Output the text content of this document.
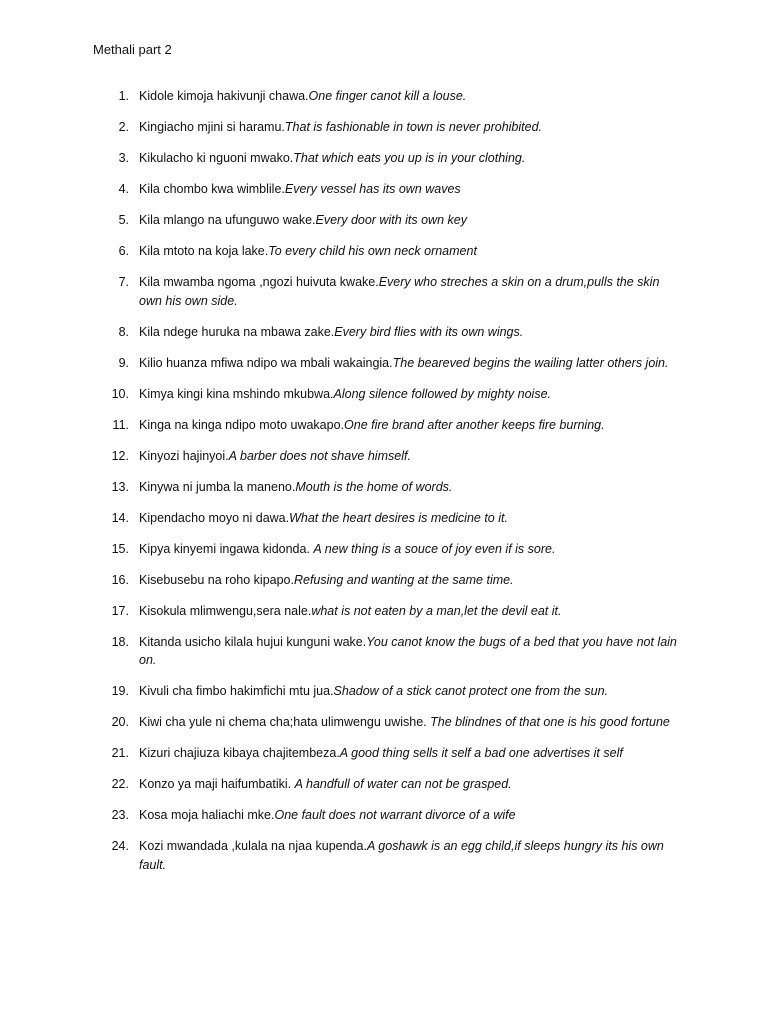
Methali part 2
1. Kidole kimoja hakivunji chawa.One finger canot kill a louse.
2. Kingiacho mjini si haramu.That is fashionable in town is never prohibited.
3. Kikulacho ki nguoni mwako.That which eats you up is in your clothing.
4. Kila chombo kwa wimblile.Every vessel has its own waves
5. Kila mlango na ufunguwo wake.Every door with its own key
6. Kila mtoto na koja lake.To every child his own neck ornament
7. Kila mwamba ngoma ,ngozi huivuta kwake.Every who streches a skin on a drum,pulls the skin own his own side.
8. Kila ndege huruka na mbawa zake.Every bird flies with its own wings.
9. Kilio huanza mfiwa ndipo wa mbali wakaingia.The beareved begins the wailing latter others join.
10. Kimya kingi kina mshindo mkubwa.Along silence followed by mighty noise.
11. Kinga na kinga ndipo moto uwakapo.One fire brand after another keeps fire burning.
12. Kinyozi hajinyoi.A barber does not shave himself.
13. Kinywa ni jumba la maneno.Mouth is the home of words.
14. Kipendacho moyo ni dawa.What the heart desires is medicine to it.
15. Kipya kinyemi ingawa kidonda. A new thing is a souce of joy even if is sore.
16. Kisebusebu na roho kipapo.Refusing and wanting at the same time.
17. Kisokula mlimwengu,sera nale.what is not eaten by a man,let the devil eat it.
18. Kitanda usicho kilala hujui kunguni wake.You canot know the bugs of a bed that you have not lain on.
19. Kivuli cha fimbo hakimfichi mtu jua.Shadow of a stick canot protect one from the sun.
20. Kiwi cha yule ni chema cha;hata ulimwengu uwishe. The blindnes of that one is his good fortune
21. Kizuri chajiuza kibaya chajitembeza.A good thing sells it self a bad one advertises it self
22. Konzo ya maji haifumbatiki. A handfull of water can not be grasped.
23. Kosa moja haliachi mke.One fault does not warrant divorce of a wife
24. Kozi mwandada ,kulala na njaa kupenda.A goshawk is an egg child,if sleeps hungry its his own fault.
